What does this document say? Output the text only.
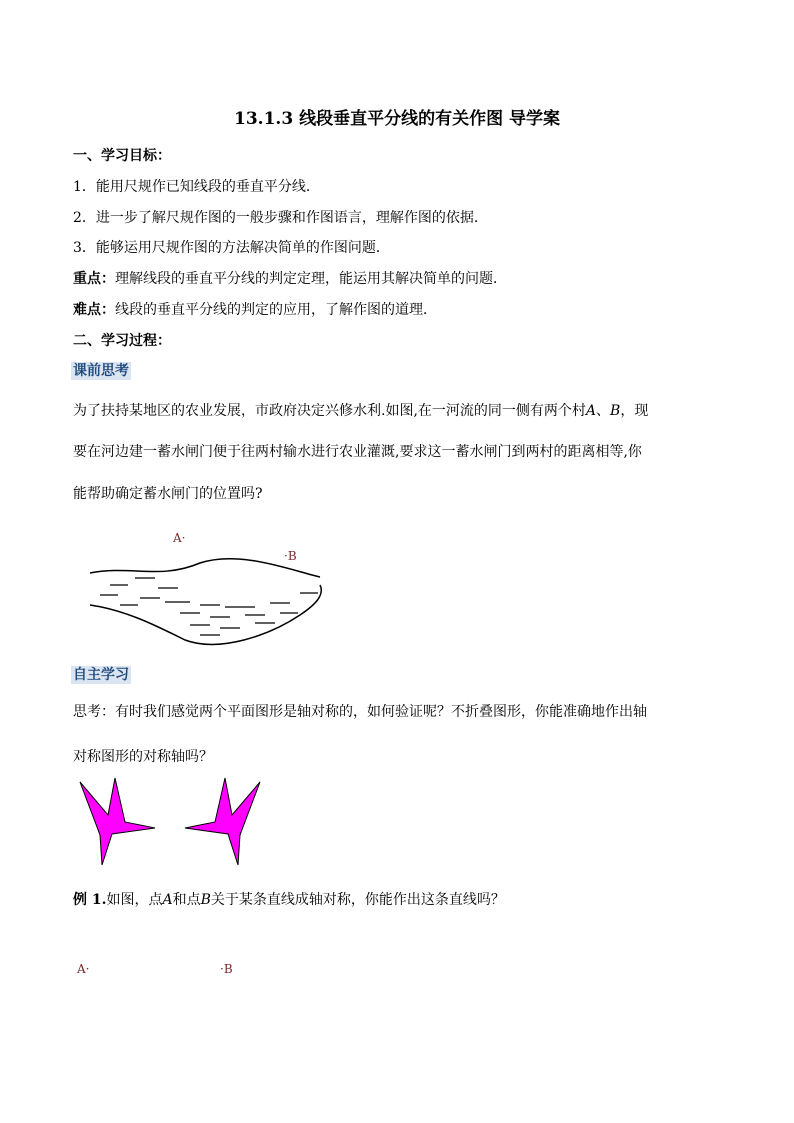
13.1.3 线段垂直平分线的有关作图 导学案
一、学习目标：
1．能用尺规作已知线段的垂直平分线．
2．进一步了解尺规作图的一般步骤和作图语言，理解作图的依据．
3．能够运用尺规作图的方法解决简单的作图问题．
重点：理解线段的垂直平分线的判定定理，能运用其解决简单的问题．
难点：线段的垂直平分线的判定的应用，了解作图的道理．
二、学习过程：
课前思考
为了扶持某地区的农业发展，市政府决定兴修水利.如图,在一河流的同一侧有两个村A、B，现
要在河边建一蓄水闸门便于往两村输水进行农业灌溉,要求这一蓄水闸门到两村的距离相等,你
能帮助确定蓄水闸门的位置吗?
A·
·B
自主学习
思考：有时我们感觉两个平面图形是轴对称的，如何验证呢？不折叠图形，你能准确地作出轴
对称图形的对称轴吗？
例 1.如图，点A和点B关于某条直线成轴对称，你能作出这条直线吗？
A·	·B
